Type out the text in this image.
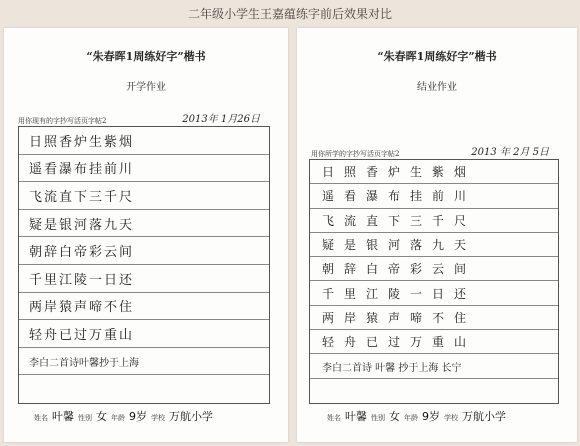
二年级小学生王嘉蕴练字前后效果对比
“朱春晖1周练好字”楷书
开学作业
用你现有的字抄写活页字帖2	2013年 1月26日
日照香炉生紫烟
遥看瀑布挂前川
飞流直下三千尺
疑是银河落九天
朝辞白帝彩云间
千里江陵一日还
两岸猿声啼不住
轻舟已过万重山
李白二首诗叶馨抄于上海
姓名 叶馨 性别 女 年龄 9岁 学校 万航小学
“朱春晖1周练好字”楷书
结业作业
用你所学的字抄写活页字帖2	2013 年 2月 5日
日照香炉生紫烟
遥看瀑布挂前川
飞流直下三千尺
疑是银河落九天
朝辞白帝彩云间
千里江陵一日还
两岸猿声啼不住
轻舟已过万重山
李白二首诗 叶馨 抄于上海 长宁
姓名 叶馨 性别 女 年龄 9岁 学校 万航小学
